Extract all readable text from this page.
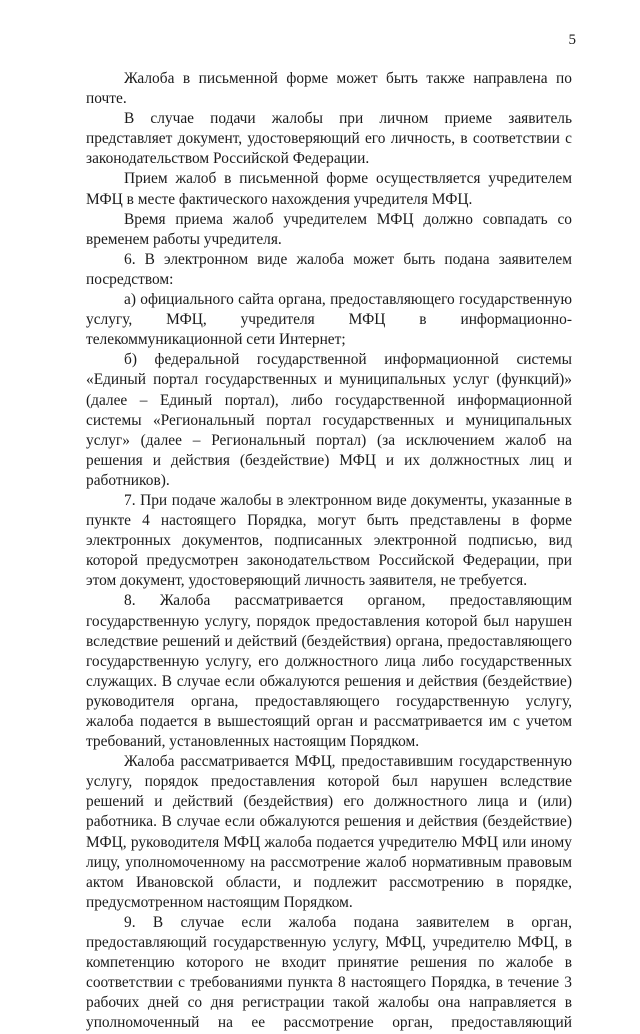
5

Жалоба в письменной форме может быть также направлена по почте.

В случае подачи жалобы при личном приеме заявитель представляет документ, удостоверяющий его личность, в соответствии с законодательством Российской Федерации.

Прием жалоб в письменной форме осуществляется учредителем МФЦ в месте фактического нахождения учредителя МФЦ.

Время приема жалоб учредителем МФЦ должно совпадать со временем работы учредителя.

6. В электронном виде жалоба может быть подана заявителем посредством:

а) официального сайта органа, предоставляющего государственную услугу, МФЦ, учредителя МФЦ в информационно-телекоммуникационной сети Интернет;

б) федеральной государственной информационной системы «Единый портал государственных и муниципальных услуг (функций)» (далее – Единый портал), либо государственной информационной системы «Региональный портал государственных и муниципальных услуг» (далее – Региональный портал) (за исключением жалоб на решения и действия (бездействие) МФЦ и их должностных лиц и работников).

7. При подаче жалобы в электронном виде документы, указанные в пункте 4 настоящего Порядка, могут быть представлены в форме электронных документов, подписанных электронной подписью, вид которой предусмотрен законодательством Российской Федерации, при этом документ, удостоверяющий личность заявителя, не требуется.

8. Жалоба рассматривается органом, предоставляющим государственную услугу, порядок предоставления которой был нарушен вследствие решений и действий (бездействия) органа, предоставляющего государственную услугу, его должностного лица либо государственных служащих. В случае если обжалуются решения и действия (бездействие) руководителя органа, предоставляющего государственную услугу, жалоба подается в вышестоящий орган и рассматривается им с учетом требований, установленных настоящим Порядком.

Жалоба рассматривается МФЦ, предоставившим государственную услугу, порядок предоставления которой был нарушен вследствие решений и действий (бездействия) его должностного лица и (или) работника. В случае если обжалуются решения и действия (бездействие) МФЦ, руководителя МФЦ жалоба подается учредителю МФЦ или иному лицу, уполномоченному на рассмотрение жалоб нормативным правовым актом Ивановской области, и подлежит рассмотрению в порядке, предусмотренном настоящим Порядком.

9. В случае если жалоба подана заявителем в орган, предоставляющий государственную услугу, МФЦ, учредителю МФЦ, в компетенцию которого не входит принятие решения по жалобе в соответствии с требованиями пункта 8 настоящего Порядка, в течение 3 рабочих дней со дня регистрации такой жалобы она направляется в уполномоченный на ее рассмотрение орган, предоставляющий
